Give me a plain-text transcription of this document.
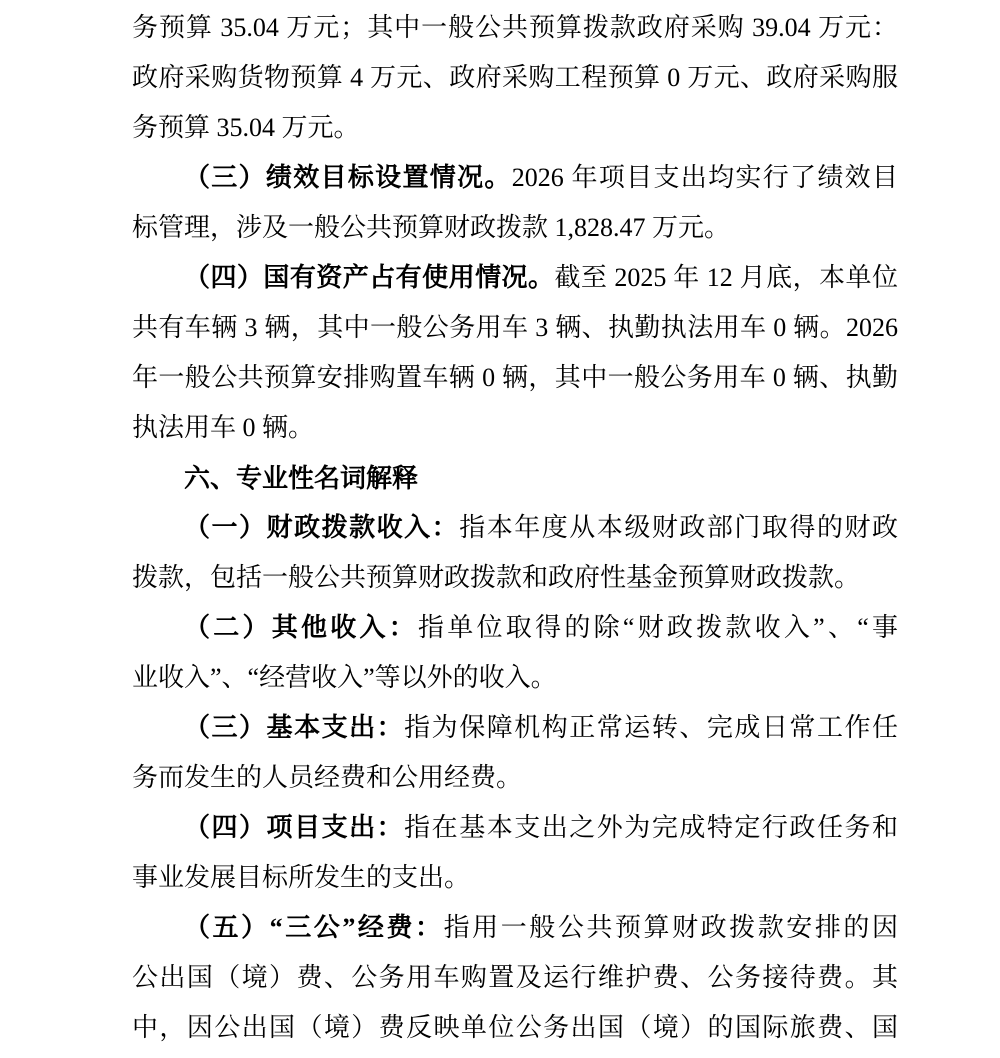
务预算 35.04 万元；其中一般公共预算拨款政府采购 39.04 万元：
政府采购货物预算 4 万元、政府采购工程预算 0 万元、政府采购服
务预算 35.04 万元。
（三）绩效目标设置情况。2026 年项目支出均实行了绩效目
标管理，涉及一般公共预算财政拨款 1,828.47 万元。
（四）国有资产占有使用情况。截至 2025 年 12 月底，本单位
共有车辆 3 辆，其中一般公务用车 3 辆、执勤执法用车 0 辆。2026
年一般公共预算安排购置车辆 0 辆，其中一般公务用车 0 辆、执勤
执法用车 0 辆。
六、专业性名词解释
（一）财政拨款收入：指本年度从本级财政部门取得的财政
拨款，包括一般公共预算财政拨款和政府性基金预算财政拨款。
（二）其他收入：指单位取得的除“财政拨款收入”、“事
业收入”、“经营收入”等以外的收入。
（三）基本支出：指为保障机构正常运转、完成日常工作任
务而发生的人员经费和公用经费。
（四）项目支出：指在基本支出之外为完成特定行政任务和
事业发展目标所发生的支出。
（五）“三公”经费：指用一般公共预算财政拨款安排的因
公出国（境）费、公务用车购置及运行维护费、公务接待费。其
中，因公出国（境）费反映单位公务出国（境）的国际旅费、国
